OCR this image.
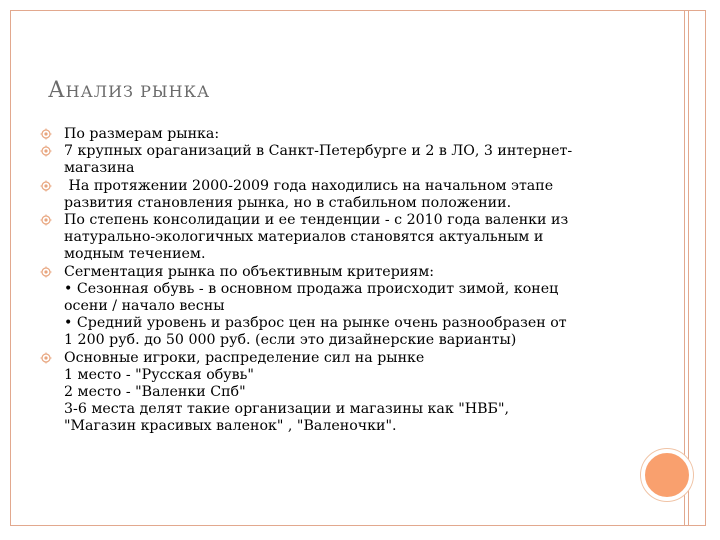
АНАЛИЗ РЫНКА
По размерам рынка:
7 крупных ораганизаций в Санкт-Петербурге и 2 в ЛО, 3 интернет-
магазина
На протяжении 2000-2009 года находились на начальном этапе
развития становления рынка, но в стабильном положении.
По степень консолидации и ее тенденции - с 2010 года валенки из
натурально-экологичных материалов становятся актуальным и
модным течением.
Сегментация рынка по объективным критериям:
• Сезонная обувь - в основном продажа происходит зимой, конец
осени / начало весны
• Средний уровень и разброс цен на рынке очень разнообразен от
1 200 руб. до 50 000 руб. (если это дизайнерские варианты)
Основные игроки, распределение сил на рынке
1 место - "Русская обувь"
2 место - "Валенки Спб"
3-6 места делят такие организации и магазины как "НВБ",
"Магазин красивых валенок" , "Валеночки".
